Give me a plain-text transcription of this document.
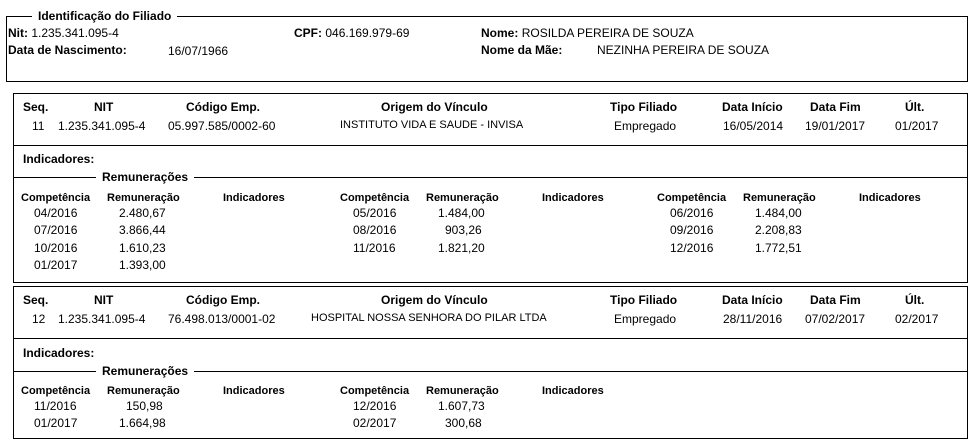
Identificação do Filiado
Nit: 1.235.341.095-4	CPF: 046.169.979-69	Nome: ROSILDA PEREIRA DE SOUZA
Data de Nascimento:	16/07/1966	Nome da Mãe:	NEZINHA PEREIRA DE SOUZA
Seq.	NIT	Código Emp.	Origem do Vínculo	Tipo Filiado	Data Início Data Fim	Últ.
11 1.235.341.095-4 05.997.585/0002-60	INSTITUTO VIDA E SAUDE - INVISA	Empregado	16/05/2014 19/01/2017 01/2017
Indicadores:
Remunerações
Competência Remuneração	Indicadores	Competência Remuneração	Indicadores	Competência Remuneração	Indicadores
04/2016	2.480,67	05/2016	1.484,00	06/2016	1.484,00
07/2016	3.866,44	08/2016	903,26	09/2016	2.208,83
10/2016	1.610,23	11/2016	1.821,20	12/2016	1.772,51
01/2017	1.393,00
Seq.	NIT	Código Emp.	Origem do Vínculo	Tipo Filiado	Data Início Data Fim	Últ.
12 1.235.341.095-4 76.498.013/0001-02	HOSPITAL NOSSA SENHORA DO PILAR LTDA	Empregado	28/11/2016 07/02/2017 02/2017
Indicadores:
Remunerações
Competência Remuneração	Indicadores	Competência Remuneração	Indicadores
11/2016	150,98	12/2016	1.607,73
01/2017	1.664,98	02/2017	300,68
